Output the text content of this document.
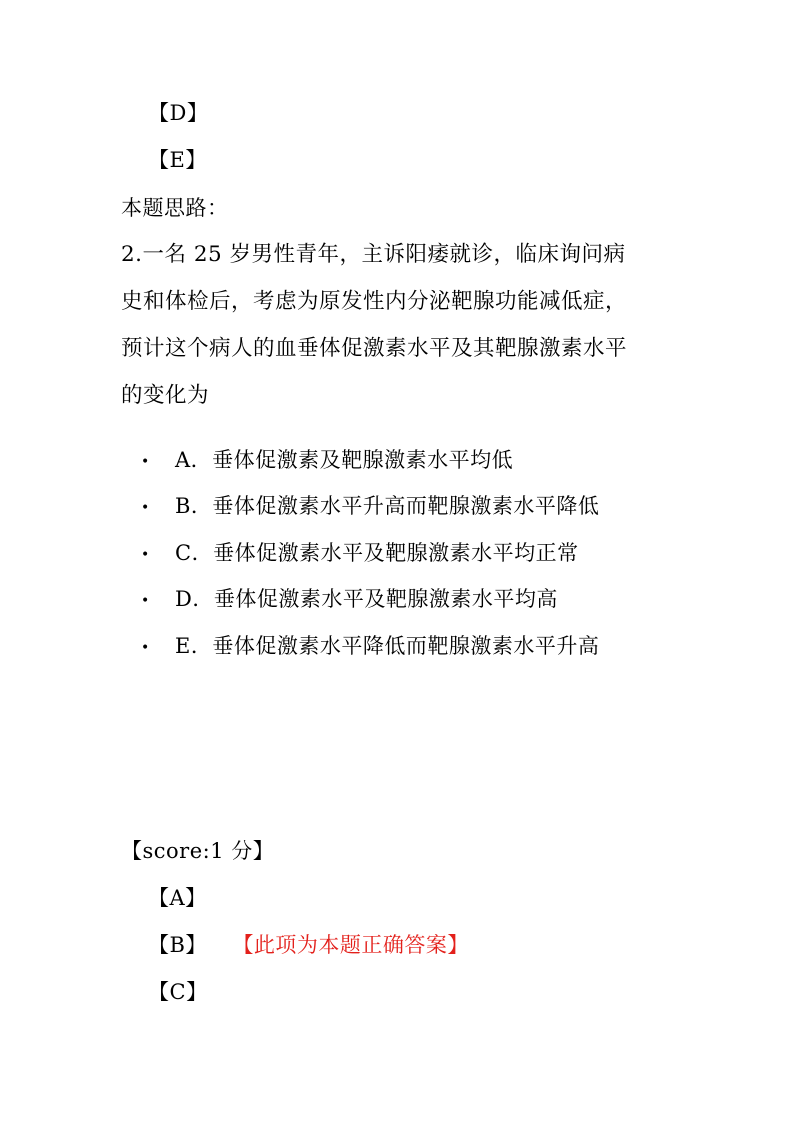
【D】
【E】
本题思路：
2.一名 25 岁男性青年，主诉阳痿就诊，临床询问病
史和体检后，考虑为原发性内分泌靶腺功能减低症，
预计这个病人的血垂体促激素水平及其靶腺激素水平
的变化为
• A．垂体促激素及靶腺激素水平均低
• B．垂体促激素水平升高而靶腺激素水平降低
• C．垂体促激素水平及靶腺激素水平均正常
• D．垂体促激素水平及靶腺激素水平均高
• E．垂体促激素水平降低而靶腺激素水平升高
【score:1 分】
【A】
【B】 【此项为本题正确答案】
【C】
